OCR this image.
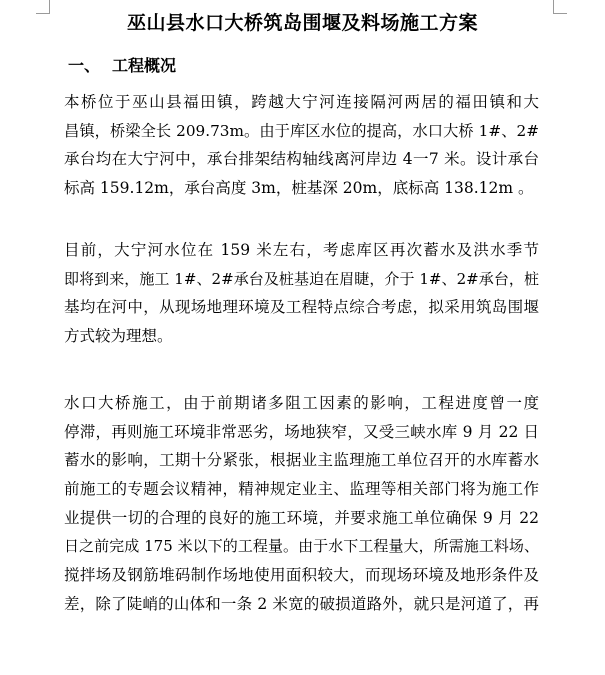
巫山县水口大桥筑岛围堰及料场施工方案
一、 工程概况
本桥位于巫山县福田镇，跨越大宁河连接隔河两居的福田镇和大
昌镇，桥梁全长 209.73m。由于库区水位的提高，水口大桥 1#、2#
承台均在大宁河中，承台排架结构轴线离河岸边 4一7 米。设计承台
标高 159.12m，承台高度 3m，桩基深 20m，底标高 138.12m 。
目前，大宁河水位在 159 米左右，考虑库区再次蓄水及洪水季节
即将到来，施工 1#、2#承台及桩基迫在眉睫，介于 1#、2#承台，桩
基均在河中，从现场地理环境及工程特点综合考虑，拟采用筑岛围堰
方式较为理想。
水口大桥施工，由于前期诸多阻工因素的影响，工程进度曾一度
停滞，再则施工环境非常恶劣，场地狭窄，又受三峡水库 9 月 22 日
蓄水的影响，工期十分紧张，根据业主监理施工单位召开的水库蓄水
前施工的专题会议精神，精神规定业主、监理等相关部门将为施工作
业提供一切的合理的良好的施工环境，并要求施工单位确保 9 月 22
日之前完成 175 米以下的工程量。由于水下工程量大，所需施工料场、
搅拌场及钢筋堆码制作场地使用面积较大，而现场环境及地形条件及
差，除了陡峭的山体和一条 2 米宽的破损道路外，就只是河道了，再
